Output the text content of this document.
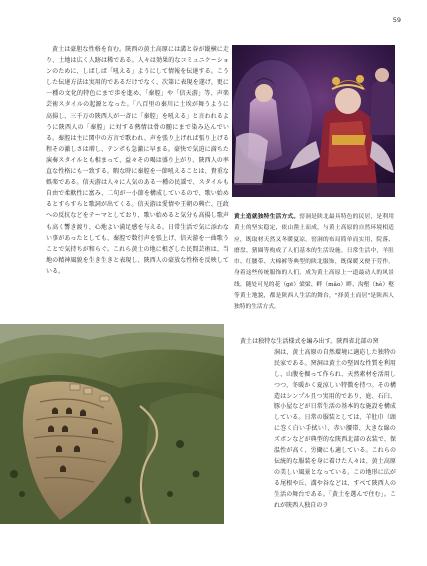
59

黄土は豪胆な性格を育む。陝西の黄土高原には溝と谷が縦横に走り、土地は広く人跡は稀である。人々は効果的なコミュニケーションのために、しばしば「吼える」ようにして情報を伝達する。こうした伝達方法は実用的であるだけでなく、次第に表現を遂げ、更に一種の文化的特色にまで歩を進め、「秦腔」や「信天游」等、声楽芸術スタイルの起源となった。「八百里の秦川に土埃が舞うように高揚し、三千万の陝西人が一斉に「秦腔」を吼える」と言われるように陝西人の「秦腔」に対する熱情は骨の髄にまで染み込んでいる。秦腔は主に関中の方言で歌われ、声を張り上げれば張り上げる程その激しさは増し、テンポも急激に早まる。豪快で気迫に満ちた演奏スタイルとも相まって、益々その喝は盛り上がり、陝西人の率直な性格にも一致する。暇な時に秦腔を一節吼えることは、貴重な娯楽である。信天游は人々に人気のある一種の民謡で、スタイルも自由で柔軟性に富み、二句が一小節を構成しているので、歌い始めるとすらすらと歌詞が出てくる。信天游は愛情や王朝の興亡、圧政への反抗などをテーマとしており、歌い始めると気分も高揚し歌声も高く響き渡り、心地よい満足感を与える。日常生活で気に添わない事があったとしても、秦腔で数行声を張上げ、信天游を一曲歌うことで気持ちが和らぐ。これら黄土の地に根ざした民間芸術は、当地の精神風貌を生き生きと表現し、陝西人の豪放な性格を反映している。

黄土造就独特生活方式。窑洞是陕北最具特色的民居，是利用黄土的坚实稳定，依山凿土而成，与黄土高原的自然环境相适应，既取材天然又冬暖夏凉。窑洞的布局简单而实用，院落、磨盘、猪圈等构成了人们基本的生活设施。日常生活中，羊肚巾、红腰带、大棉裤等典型的陕北服饰，既保暖又便于劳作。身着这些传统服饰的人们，成为黄土高原上一道最动人的风景线。随处可见的花（gē）梁梁、畔（mǎo）畔、沟壑（hè）壑等黄土地貌，都是陕西人生活的舞台，"择黄土而居"是陕西人独特的生活方式。

黄土は独特な生活様式を編み出す。陝西省北部の窯

洞は、黄土高原の自然環境に適応した独特の民家である。窯洞は黄土の堅固な性質を利用し、山腹を掘って作られ、天然素材を活用しつつ、冬暖かく夏涼しい特徴を持つ。その構造はシンプル且つ実用的であり、庭、石臼、豚小屋などが日常生活の基本的な施設を構成している。日常の服装としては、羊肚巾（頭に巻く白い手拭い）、赤い腰帯、大きな綿のズボンなどが典型的な陝西北部の衣装で、保温性が高く、労働にも適している。これらの伝統的な服装を身に着けた人々は、黄土高原の美しい風景となっている。この地形に広がる尾根や丘、溝や谷などは、すべて陝西人の生活の舞台である。「黄土を選んで住む」。これが陝西人独自のラ
